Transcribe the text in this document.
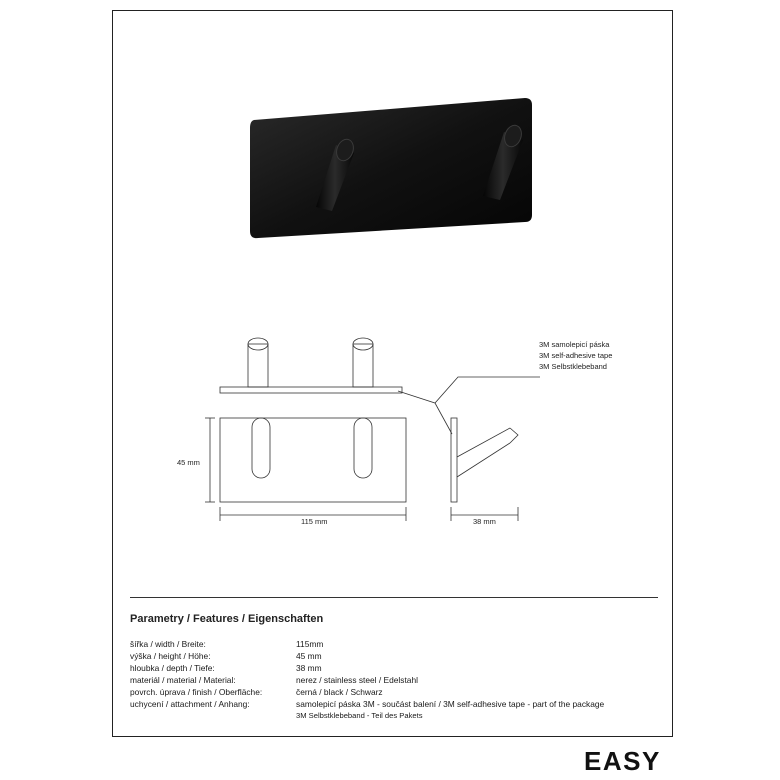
3M samolepicí páska
3M self-adhesive tape
3M Selbstklebeband
45 mm
115 mm	38 mm
Parametry / Features / Eigenschaften
šířka / width / Breite:	115mm
výška / height / Höhe:	45 mm
hloubka / depth / Tiefe:	38 mm
materiál / material / Material:	nerez / stainless steel / Edelstahl
povrch. úprava / finish / Oberfläche:	černá / black / Schwarz
uchycení / attachment / Anhang:	samolepicí páska 3M - součást balení / 3M self-adhesive tape - part of the package
3M Selbstklebeband - Teil des Pakets
EASY
